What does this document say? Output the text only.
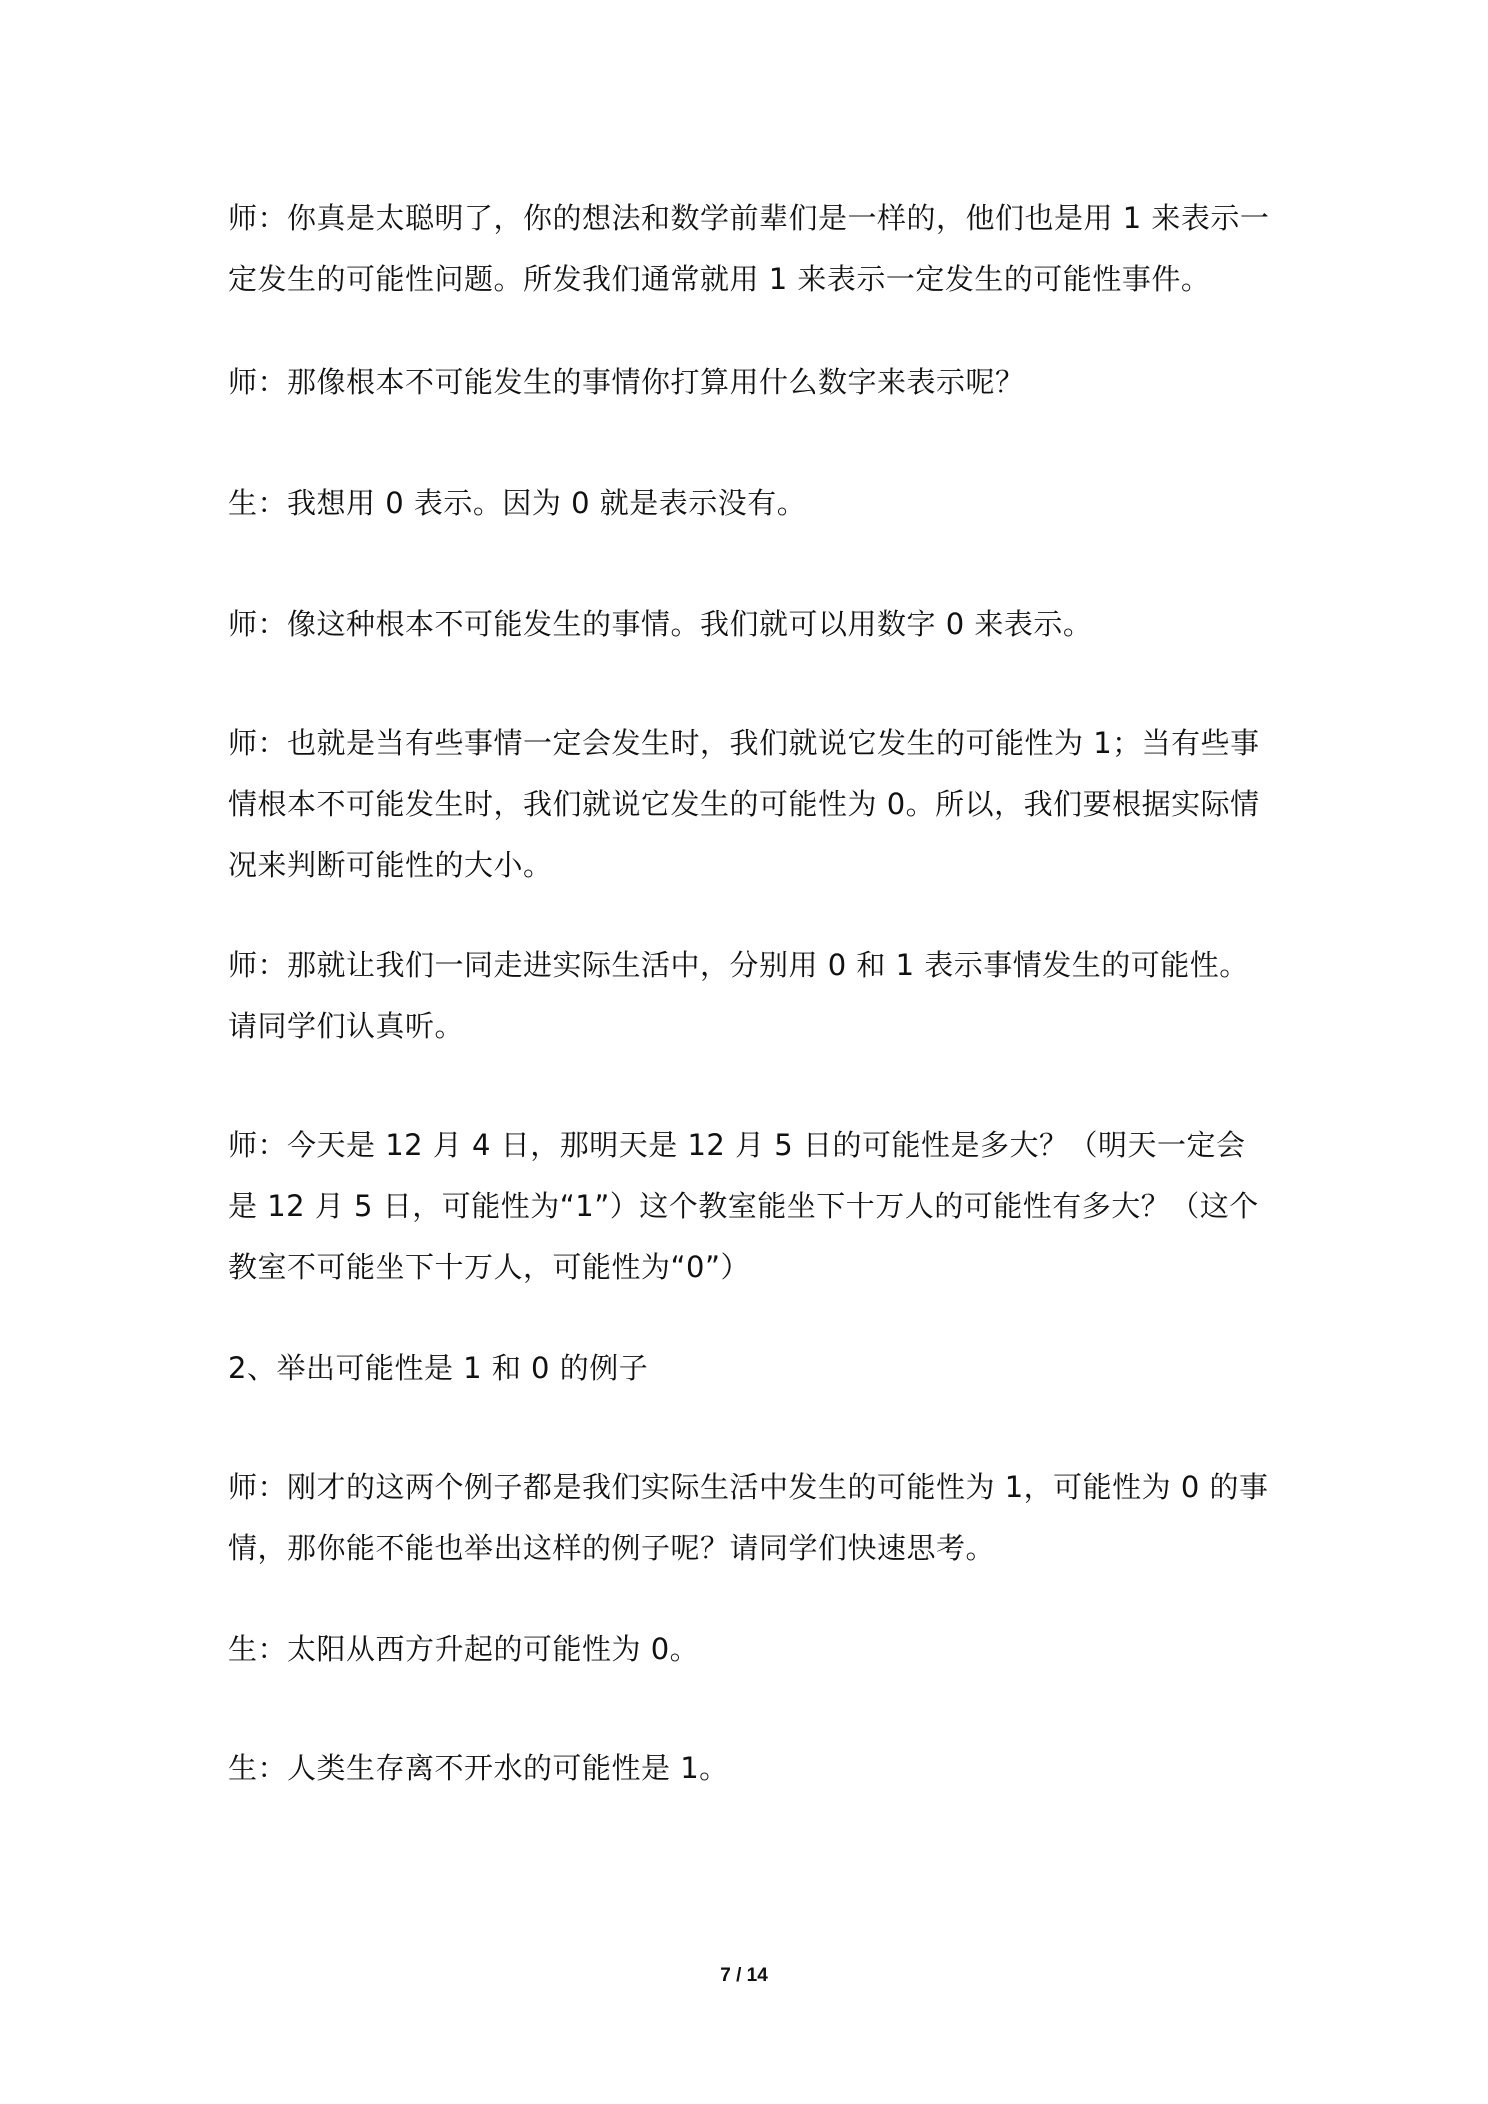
师：你真是太聪明了，你的想法和数学前辈们是一样的，他们也是用 1 来表示一定发生的可能性问题。所发我们通常就用 1 来表示一定发生的可能性事件。

师：那像根本不可能发生的事情你打算用什么数字来表示呢？

生：我想用 0 表示。因为 0 就是表示没有。

师：像这种根本不可能发生的事情。我们就可以用数字 0 来表示。

师：也就是当有些事情一定会发生时，我们就说它发生的可能性为 1；当有些事情根本不可能发生时，我们就说它发生的可能性为 0。所以，我们要根据实际情况来判断可能性的大小。

师：那就让我们一同走进实际生活中，分别用 0 和 1 表示事情发生的可能性。请同学们认真听。

师：今天是 12 月 4 日，那明天是 12 月 5 日的可能性是多大？（明天一定会是 12 月 5 日，可能性为“1”）这个教室能坐下十万人的可能性有多大？（这个教室不可能坐下十万人，可能性为“0”）

2、举出可能性是 1 和 0 的例子

师：刚才的这两个例子都是我们实际生活中发生的可能性为 1，可能性为 0 的事情，那你能不能也举出这样的例子呢？请同学们快速思考。

生：太阳从西方升起的可能性为 0。

生：人类生存离不开水的可能性是 1。

7 / 14
